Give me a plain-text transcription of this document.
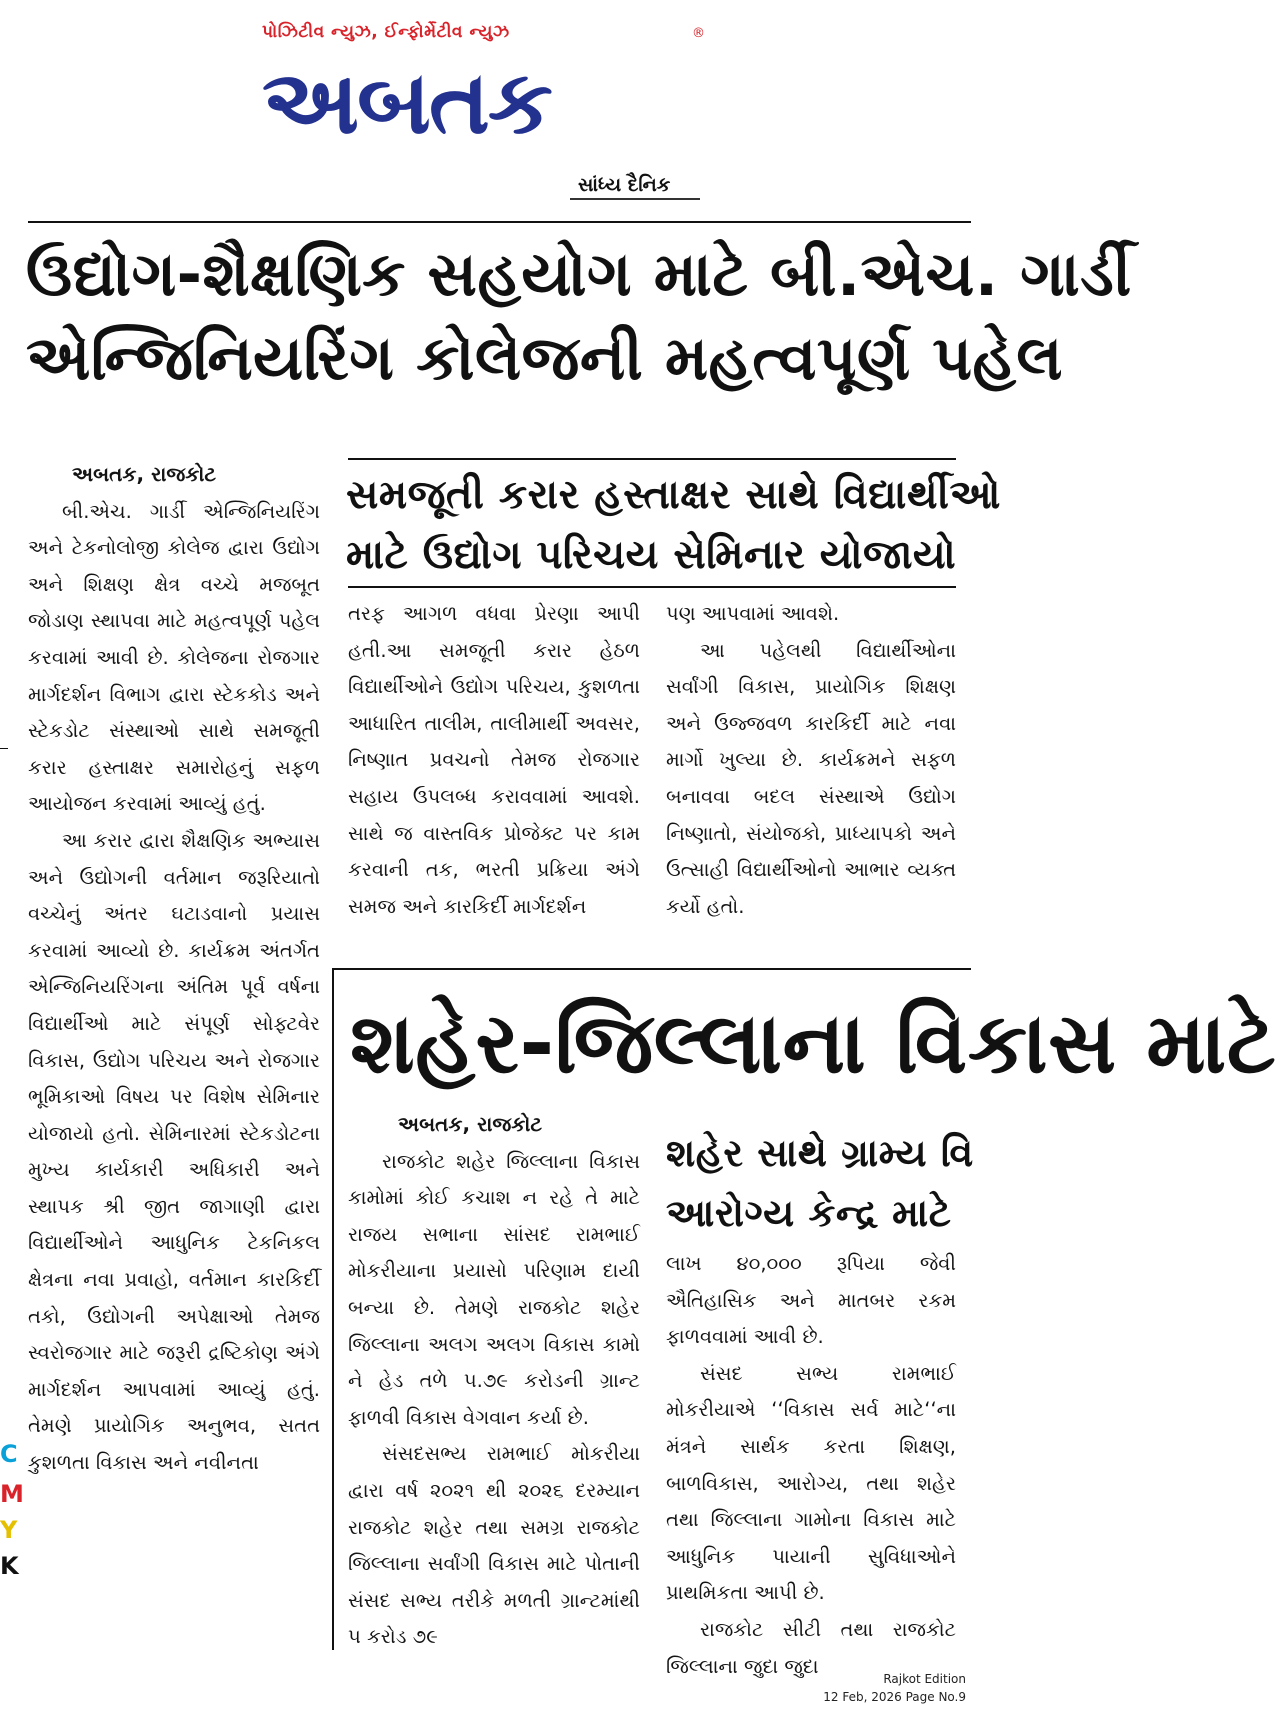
પોઝિટીવ ન્યુઝ, ઈન્ફોર્મેટીવ ન્યુઝ
અબતક
®
સાંધ્ય દૈનિક
ઉદ્યોગ-શૈક્ષણિક સહયોગ માટે બી.એચ. ગાર્ડી
એન્જિનિયરિંગ કોલેજની મહત્વપૂર્ણ પહેલ
સમજૂતી કરાર હસ્તાક્ષર સાથે વિદ્યાર્થીઓ
માટે ઉદ્યોગ પરિચય સેમિનાર યોજાયો

અબતક, રાજકોટ

બી.એચ. ગાર્ડી એન્જિનિયરિંગ અને ટેકનોલોજી કોલેજ દ્વારા ઉદ્યોગ અને શિક્ષણ ક્ષેત્ર વચ્ચે મજબૂત જોડાણ સ્થાપવા માટે મહત્વપૂર્ણ પહેલ કરવામાં આવી છે. કોલેજના રોજગાર માર્ગદર્શન વિભાગ દ્વારા સ્ટેકકોડ અને સ્ટેકડોટ સંસ્થાઓ સાથે સમજૂતી કરાર હસ્તાક્ષર સમારોહનું સફળ આયોજન કરવામાં આવ્યું હતું.

આ કરાર દ્વારા શૈક્ષણિક અભ્યાસ અને ઉદ્યોગની વર્તમાન જરૂરિયાતો વચ્ચેનું અંતર ઘટાડવાનો પ્રયાસ કરવામાં આવ્યો છે. કાર્યક્રમ અંતર્ગત એન્જિનિયરિંગના અંતિમ પૂર્વ વર્ષના વિદ્યાર્થીઓ માટે સંપૂર્ણ સોફ્ટવેર વિકાસ, ઉદ્યોગ પરિચય અને રોજગાર ભૂમિકાઓ વિષય પર વિશેષ સેમિનાર યોજાયો હતો. સેમિનારમાં સ્ટેકડોટના મુખ્ય કાર્યકારી અધિકારી અને સ્થાપક શ્રી જીત જાગાણી દ્વારા વિદ્યાર્થીઓને આધુનિક ટેકનિકલ ક્ષેત્રના નવા પ્રવાહો, વર્તમાન કારકિર્દી તકો, ઉદ્યોગની અપેક્ષાઓ તેમજ સ્વરોજગાર માટે જરૂરી દ્રષ્ટિકોણ અંગે માર્ગદર્શન આપવામાં આવ્યું હતું. તેમણે પ્રાયોગિક અનુભવ, સતત કુશળતા વિકાસ અને નવીનતા

તરફ આગળ વધવા પ્રેરણા આપી હતી.આ સમજૂતી કરાર હેઠળ વિદ્યાર્થીઓને ઉદ્યોગ પરિચય, કુશળતા આધારિત તાલીમ, તાલીમાર્થી અવસર, નિષ્ણાત પ્રવચનો તેમજ રોજગાર સહાય ઉપલબ્ધ કરાવવામાં આવશે. સાથે જ વાસ્તવિક પ્રોજેક્ટ પર કામ કરવાની તક, ભરતી પ્રક્રિયા અંગે સમજ અને કારકિર્દી માર્ગદર્શન

પણ આપવામાં આવશે.

આ પહેલથી વિદ્યાર્થીઓના સર્વાંગી વિકાસ, પ્રાયોગિક શિક્ષણ અને ઉજ્જવળ કારકિર્દી માટે નવા માર્ગો ખુલ્યા છે. કાર્યક્રમને સફળ બનાવવા બદલ સંસ્થાએ ઉદ્યોગ નિષ્ણાતો, સંયોજકો, પ્રાધ્યાપકો અને ઉત્સાહી વિદ્યાર્થીઓનો આભાર વ્યક્ત કર્યો હતો.

શહેર-જિલ્લાના વિકાસ માટે

અબતક, રાજકોટ

રાજકોટ શહેર જિલ્લાના વિકાસ કામોમાં કોઈ કચાશ ન રહે તે માટે રાજય સભાના સાંસદ રામભાઈ મોકરીયાના પ્રયાસો પરિણામ દાયી બન્યા છે. તેમણે રાજકોટ શહેર જિલ્લાના અલગ અલગ વિકાસ કામો ને હેડ તળે ૫.૭૯ કરોડની ગ્રાન્ટ ફાળવી વિકાસ વેગવાન કર્યા છે.

સંસદસભ્ય રામભાઈ મોકરીયા દ્વારા વર્ષ ૨૦૨૧ થી ૨૦૨૬ દરમ્યાન રાજકોટ શહેર તથા સમગ્ર રાજકોટ જિલ્લાના સર્વાંગી વિકાસ માટે પોતાની સંસદ સભ્ય તરીકે મળતી ગ્રાન્ટમાંથી ૫ કરોડ ૭૯

શહેર સાથે ગ્રામ્ય વિ
આરોગ્ય કેન્દ્ર માટે

લાખ ૪૦,૦૦૦ રૂપિયા જેવી ઐતિહાસિક અને માતબર રકમ ફાળવવામાં આવી છે.

સંસદ સભ્ય રામભાઈ મોકરીયાએ ‘‘વિકાસ સર્વ માટે‘‘ના મંત્રને સાર્થક કરતા શિક્ષણ, બાળવિકાસ, આરોગ્ય, તથા શહેર તથા જિલ્લાના ગામોના વિકાસ માટે આધુનિક પાયાની સુવિધાઓને પ્રાથમિકતા આપી છે.

રાજકોટ સીટી તથા રાજકોટ જિલ્લાના જુદા જુદા

C
M
Y
K
Rajkot Edition
12 Feb, 2026 Page No.9
